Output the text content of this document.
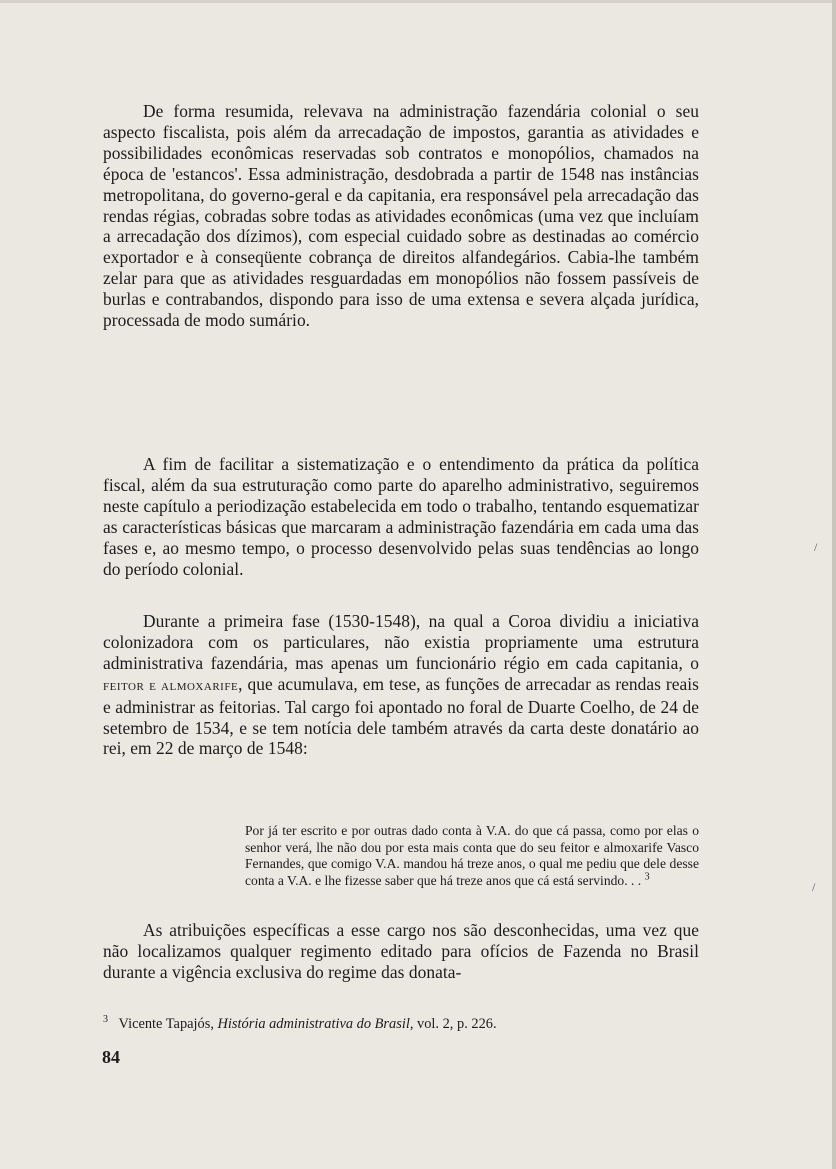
De forma resumida, relevava na administração fazendária colonial o seu aspecto fiscalista, pois além da arrecadação de impostos, garantia as atividades e possibilidades econômicas reservadas sob contratos e monopólios, chamados na época de 'estancos'. Essa administração, desdobrada a partir de 1548 nas instâncias metropolitana, do governo-geral e da capitania, era responsável pela arrecadação das rendas régias, cobradas sobre todas as atividades econômicas (uma vez que incluíam a arrecadação dos dízimos), com especial cuidado sobre as destinadas ao comércio exportador e à conseqüente cobrança de direitos alfandegários. Cabia-lhe também zelar para que as atividades resguardadas em monopólios não fossem passíveis de burlas e contrabandos, dispondo para isso de uma extensa e severa alçada jurídica, processada de modo sumário.

A fim de facilitar a sistematização e o entendimento da prática da política fiscal, além da sua estruturação como parte do aparelho administrativo, seguiremos neste capítulo a periodização estabelecida em todo o trabalho, tentando esquematizar as características básicas que marcaram a administração fazendária em cada uma das fases e, ao mesmo tempo, o processo desenvolvido pelas suas tendências ao longo do período colonial.

Durante a primeira fase (1530-1548), na qual a Coroa dividiu a iniciativa colonizadora com os particulares, não existia propriamente uma estrutura administrativa fazendária, mas apenas um funcionário régio em cada capitania, o feitor e almoxarife, que acumulava, em tese, as funções de arrecadar as rendas reais e administrar as feitorias. Tal cargo foi apontado no foral de Duarte Coelho, de 24 de setembro de 1534, e se tem notícia dele também através da carta deste donatário ao rei, em 22 de março de 1548:

Por já ter escrito e por outras dado conta à V.A. do que cá passa, como por elas o senhor verá, lhe não dou por esta mais conta que do seu feitor e almoxarife Vasco Fernandes, que comigo V.A. mandou há treze anos, o qual me pediu que dele desse conta a V.A. e lhe fizesse saber que há treze anos que cá está servindo. . . $^3$

As atribuições específicas a esse cargo nos são desconhecidas, uma vez que não localizamos qualquer regimento editado para ofícios de Fazenda no Brasil durante a vigência exclusiva do regime das donata-

$^3$ Vicente Tapajós, História administrativa do Brasil, vol. 2, p. 226.

84

/
/
